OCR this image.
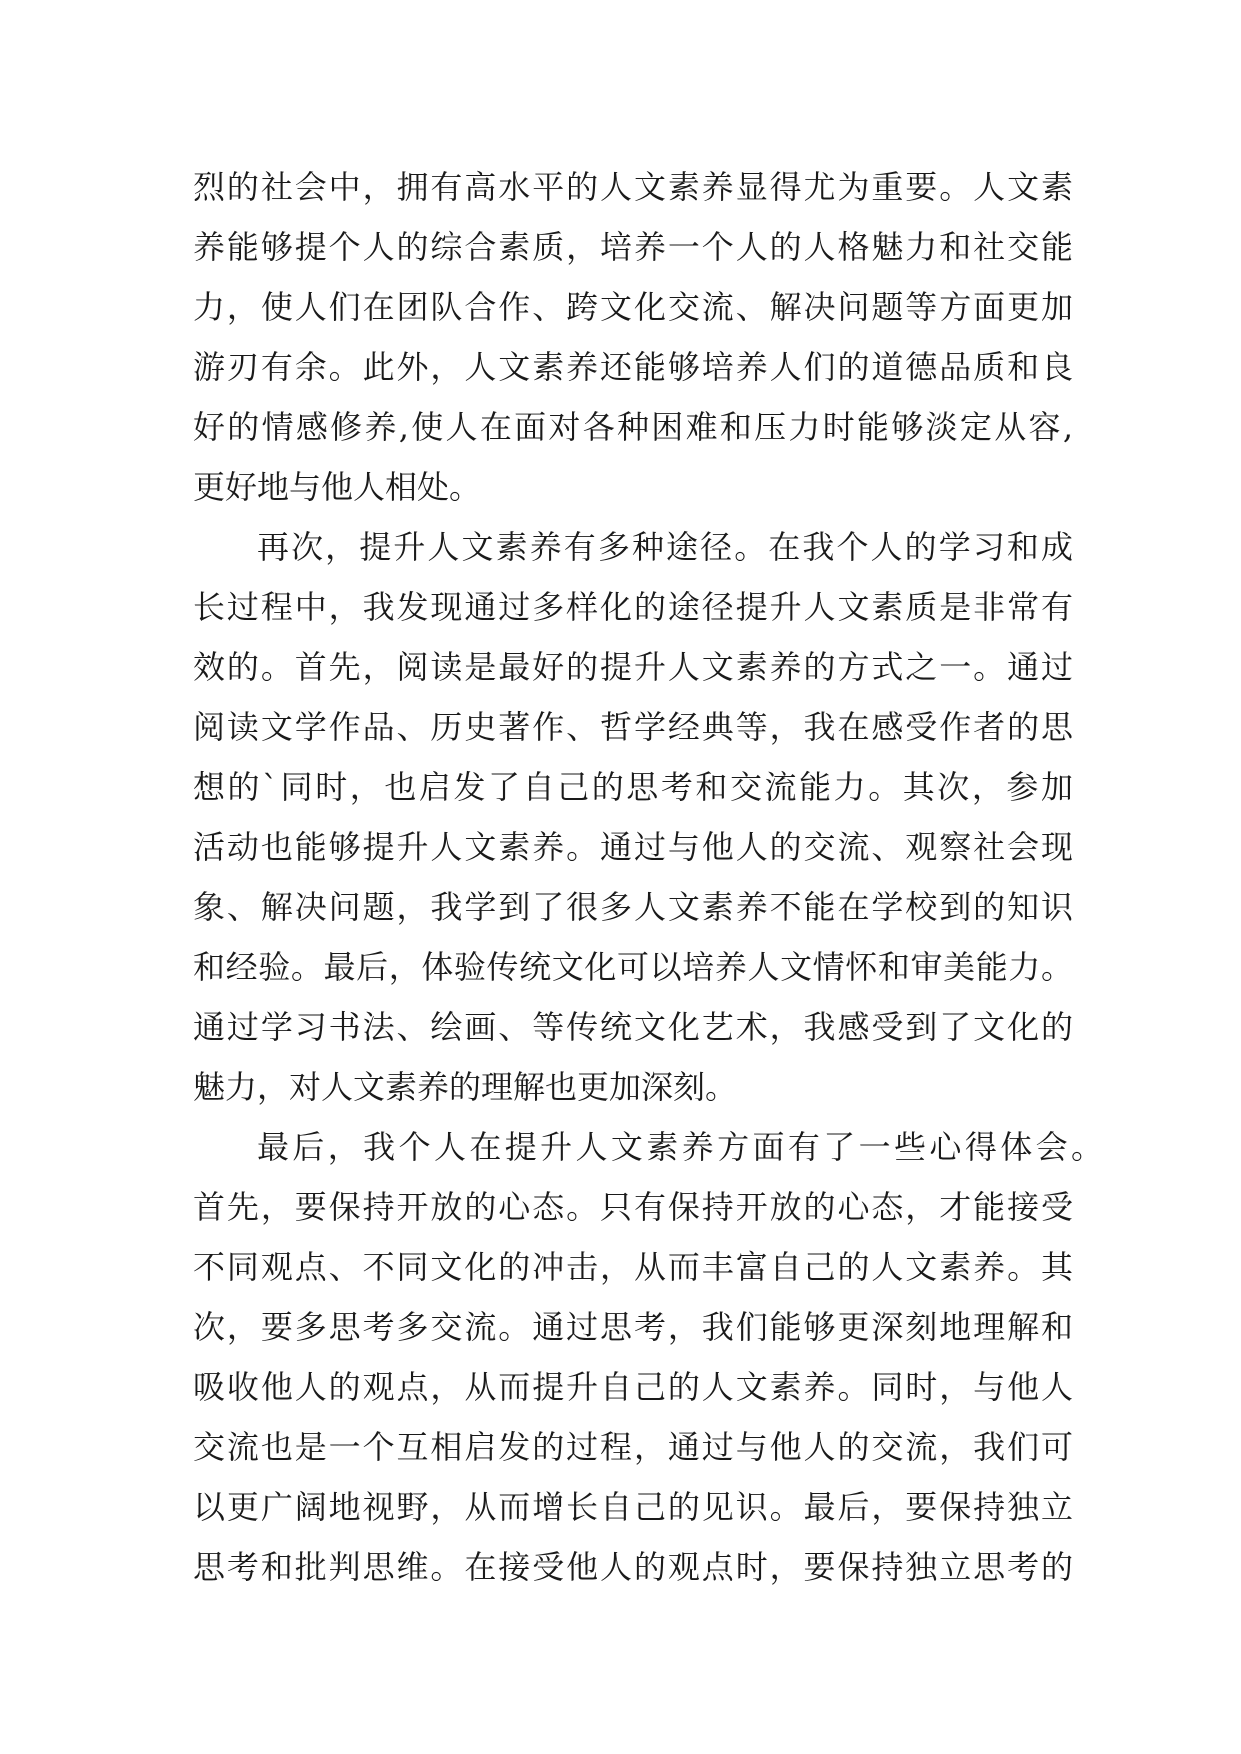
烈的社会中，拥有高水平的人文素养显得尤为重要。人文素
养能够提个人的综合素质，培养一个人的人格魅力和社交能
力，使人们在团队合作、跨文化交流、解决问题等方面更加
游刃有余。此外，人文素养还能够培养人们的道德品质和良
好的情感修养,使人在面对各种困难和压力时能够淡定从容,
更好地与他人相处。
再次，提升人文素养有多种途径。在我个人的学习和成
长过程中，我发现通过多样化的途径提升人文素质是非常有
效的。首先，阅读是最好的提升人文素养的方式之一。通过
阅读文学作品、历史著作、哲学经典等，我在感受作者的思
想的`同时，也启发了自己的思考和交流能力。其次，参加
活动也能够提升人文素养。通过与他人的交流、观察社会现
象、解决问题，我学到了很多人文素养不能在学校到的知识
和经验。最后，体验传统文化可以培养人文情怀和审美能力。
通过学习书法、绘画、等传统文化艺术，我感受到了文化的
魅力，对人文素养的理解也更加深刻。
最后，我个人在提升人文素养方面有了一些心得体会。
首先，要保持开放的心态。只有保持开放的心态，才能接受
不同观点、不同文化的冲击，从而丰富自己的人文素养。其
次，要多思考多交流。通过思考，我们能够更深刻地理解和
吸收他人的观点，从而提升自己的人文素养。同时，与他人
交流也是一个互相启发的过程，通过与他人的交流，我们可
以更广阔地视野，从而增长自己的见识。最后，要保持独立
思考和批判思维。在接受他人的观点时，要保持独立思考的
